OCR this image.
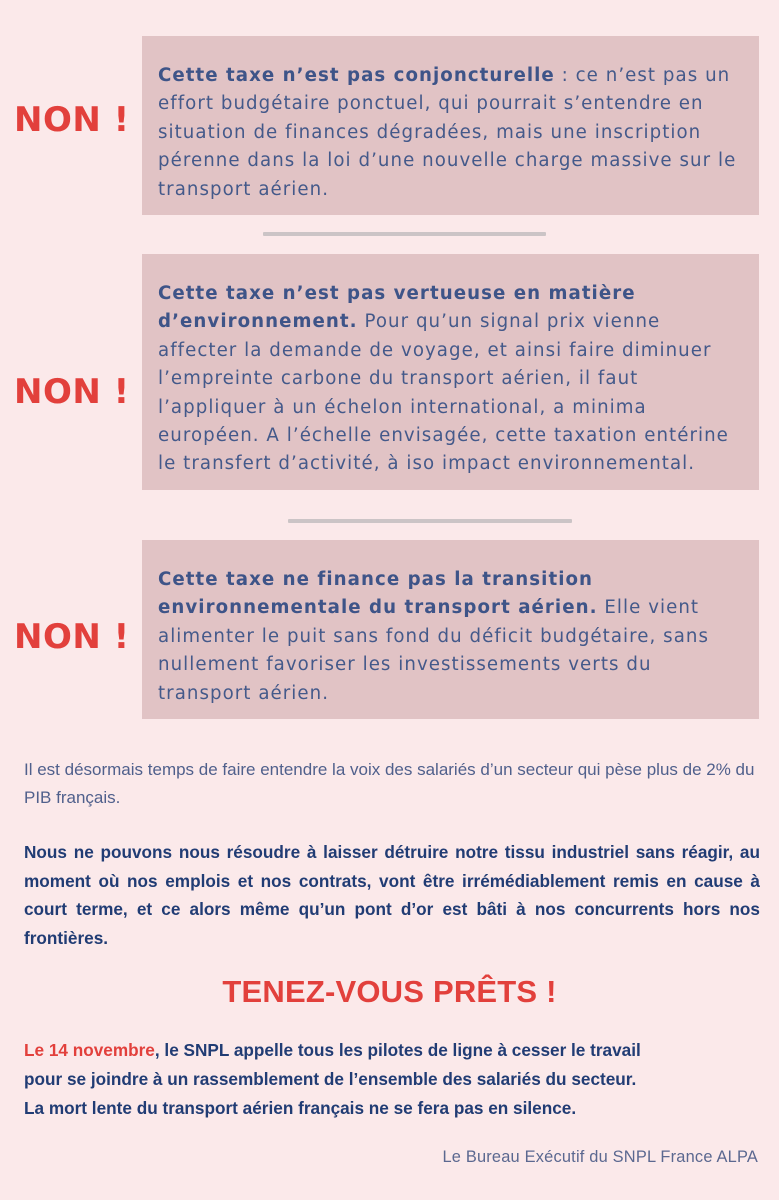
NON !
Cette taxe n’est pas conjoncturelle : ce n’est pas un effort budgétaire ponctuel, qui pourrait s’entendre en situation de finances dégradées, mais une inscription pérenne dans la loi d’une nouvelle charge massive sur le transport aérien.
NON !
Cette taxe n’est pas vertueuse en matière d’environnement. Pour qu’un signal prix vienne affecter la demande de voyage, et ainsi faire diminuer l’empreinte carbone du transport aérien, il faut l’appliquer à un échelon international, a minima européen. A l’échelle envisagée, cette taxation entérine le transfert d’activité, à iso impact environnemental.
NON !
Cette taxe ne finance pas la transition environnementale du transport aérien. Elle vient alimenter le puit sans fond du déficit budgétaire, sans nullement favoriser les investissements verts du transport aérien.

Il est désormais temps de faire entendre la voix des salariés d’un secteur qui pèse plus de 2% du PIB français.

Nous ne pouvons nous résoudre à laisser détruire notre tissu industriel sans réagir, au moment où nos emplois et nos contrats, vont être irrémédiablement remis en cause à court terme, et ce alors même qu’un pont d’or est bâti à nos concurrents hors nos frontières.

TENEZ-VOUS PRÊTS !
Le 14 novembre, le SNPL appelle tous les pilotes de ligne à cesser le travail
pour se joindre à un rassemblement de l’ensemble des salariés du secteur.
La mort lente du transport aérien français ne se fera pas en silence.
Le Bureau Exécutif du SNPL France ALPA
